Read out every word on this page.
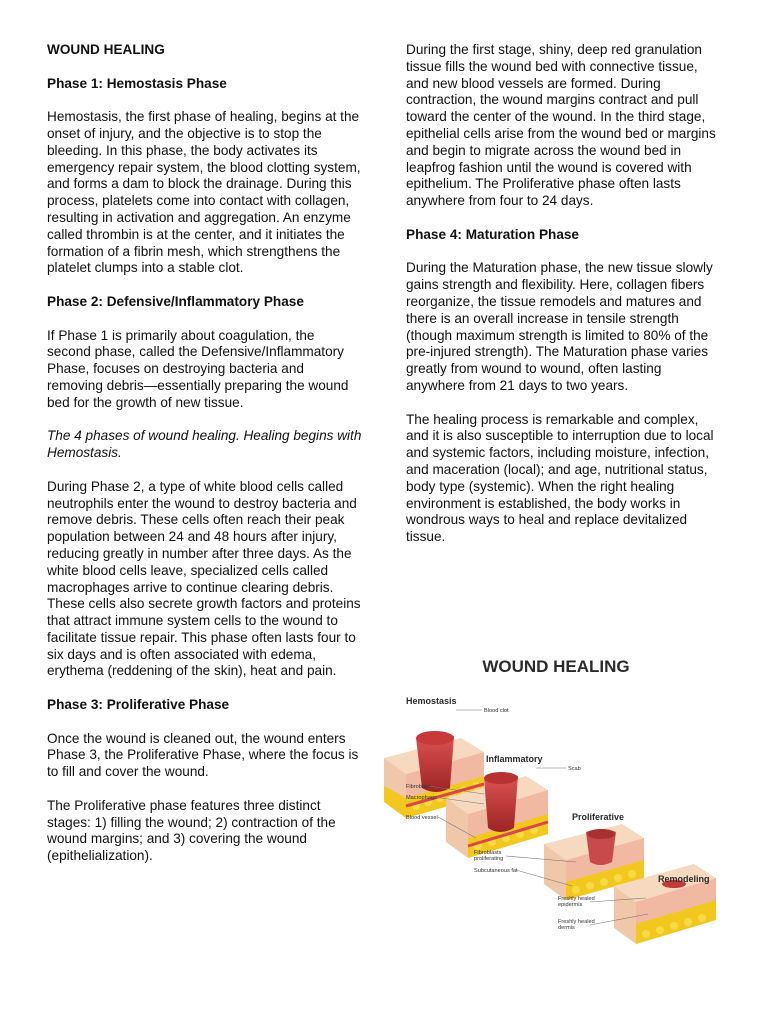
WOUND HEALING
Phase 1: Hemostasis Phase

Hemostasis, the first phase of healing, begins at the onset of injury, and the objective is to stop the bleeding. In this phase, the body activates its emergency repair system, the blood clotting system, and forms a dam to block the drainage. During this process, platelets come into contact with collagen, resulting in activation and aggregation. An enzyme called thrombin is at the center, and it initiates the formation of a fibrin mesh, which strengthens the platelet clumps into a stable clot.

Phase 2: Defensive/Inflammatory Phase

If Phase 1 is primarily about coagulation, the second phase, called the Defensive/Inflammatory Phase, focuses on destroying bacteria and removing debris—essentially preparing the wound bed for the growth of new tissue.

The 4 phases of wound healing. Healing begins with Hemostasis.

During Phase 2, a type of white blood cells called neutrophils enter the wound to destroy bacteria and remove debris. These cells often reach their peak population between 24 and 48 hours after injury, reducing greatly in number after three days. As the white blood cells leave, specialized cells called macrophages arrive to continue clearing debris. These cells also secrete growth factors and proteins that attract immune system cells to the wound to facilitate tissue repair. This phase often lasts four to six days and is often associated with edema, erythema (reddening of the skin), heat and pain.

Phase 3: Proliferative Phase

Once the wound is cleaned out, the wound enters Phase 3, the Proliferative Phase, where the focus is to fill and cover the wound.

The Proliferative phase features three distinct stages: 1) filling the wound; 2) contraction of the wound margins; and 3) covering the wound (epithelialization).

During the first stage, shiny, deep red granulation tissue fills the wound bed with connective tissue, and new blood vessels are formed. During contraction, the wound margins contract and pull toward the center of the wound. In the third stage, epithelial cells arise from the wound bed or margins and begin to migrate across the wound bed in leapfrog fashion until the wound is covered with epithelium. The Proliferative phase often lasts anywhere from four to 24 days.

Phase 4: Maturation Phase

During the Maturation phase, the new tissue slowly gains strength and flexibility. Here, collagen fibers reorganize, the tissue remodels and matures and there is an overall increase in tensile strength (though maximum strength is limited to 80% of the pre-injured strength). The Maturation phase varies greatly from wound to wound, often lasting anywhere from 21 days to two years.

The healing process is remarkable and complex, and it is also susceptible to interruption due to local and systemic factors, including moisture, infection, and maceration (local); and age, nutritional status, body type (systemic). When the right healing environment is established, the body works in wondrous ways to heal and replace devitalized tissue.

WOUND HEALING
Hemostasis
Blood clot
Inflammatory
Scab
Fibroblast
Macrophage
Blood vessel	Proliferative
Fibroblasts
proliferating
Subcutaneous fat
Remodeling
Freshly healed
epidermis
Freshly healed
dermis
